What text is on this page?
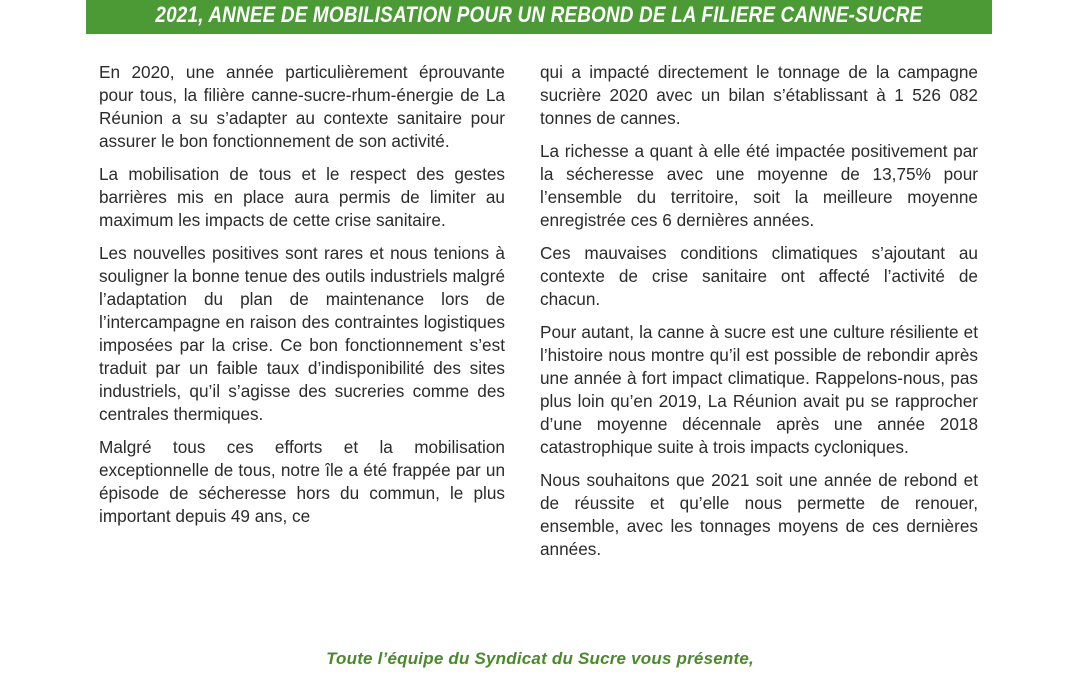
2021, ANNEE DE MOBILISATION POUR UN REBOND DE LA FILIERE CANNE-SUCRE

En 2020, une année particulièrement éprouvante pour tous, la filière canne-sucre-rhum-énergie de La Réunion a su s’adapter au contexte sanitaire pour assurer le bon fonctionnement de son activité.

La mobilisation de tous et le respect des gestes barrières mis en place aura permis de limiter au maximum les impacts de cette crise sanitaire.

Les nouvelles positives sont rares et nous tenions à souligner la bonne tenue des outils industriels malgré l’adaptation du plan de maintenance lors de l’intercampagne en raison des contraintes logistiques imposées par la crise. Ce bon fonctionnement s’est traduit par un faible taux d’indisponibilité des sites industriels, qu’il s’agisse des sucreries comme des centrales thermiques.

Malgré tous ces efforts et la mobilisation exceptionnelle de tous, notre île a été frappée par un épisode de sécheresse hors du commun, le plus important depuis 49 ans, ce

qui a impacté directement le tonnage de la campagne sucrière 2020 avec un bilan s’établissant à 1 526 082 tonnes de cannes.

La richesse a quant à elle été impactée positivement par la sécheresse avec une moyenne de 13,75% pour l’ensemble du territoire, soit la meilleure moyenne enregistrée ces 6 dernières années.

Ces mauvaises conditions climatiques s’ajoutant au contexte de crise sanitaire ont affecté l’activité de chacun.

Pour autant, la canne à sucre est une culture résiliente et l’histoire nous montre qu’il est possible de rebondir après une année à fort impact climatique. Rappelons-nous, pas plus loin qu’en 2019, La Réunion avait pu se rapprocher d’une moyenne décennale après une année 2018 catastrophique suite à trois impacts cycloniques.

Nous souhaitons que 2021 soit une année de rebond et de réussite et qu’elle nous permette de renouer, ensemble, avec les tonnages moyens de ces dernières années.

Toute l’équipe du Syndicat du Sucre vous présente,
